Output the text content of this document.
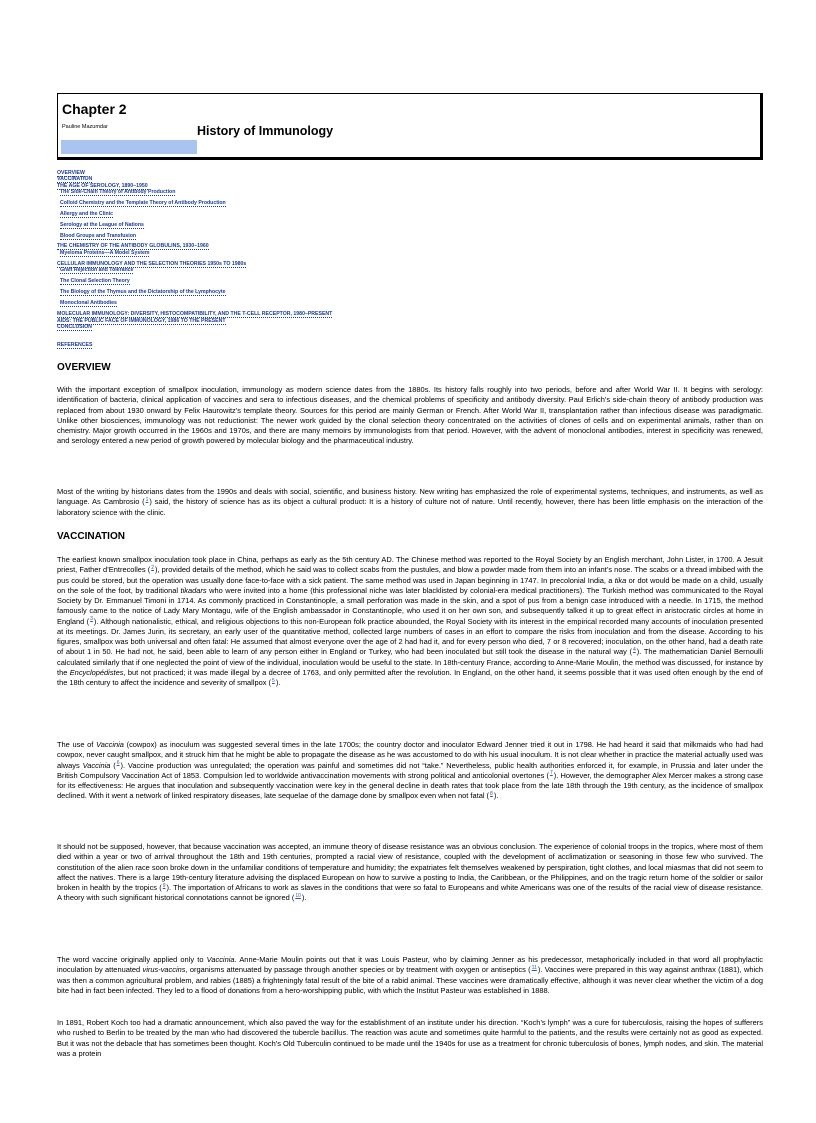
Chapter 2
Pauline Mazumdar	History of Immunology
OVERVIEW
VACCINATION
THE AGE OF SEROLOGY, 1890–1950
The Side-Chain Theory of Antibody Production
Colloid Chemistry and the Template Theory of Antibody Production
Allergy and the Clinic
Serology at the League of Nations
Blood Groups and Transfusion
THE CHEMISTRY OF THE ANTIBODY GLOBULINS, 1930–1960
Myeloma Proteins—A Model System
CELLULAR IMMUNOLOGY AND THE SELECTION THEORIES 1950s TO 1980s
Graft Rejection and Tolerance
The Clonal Selection Theory
The Biology of the Thymus and the Dictatorship of the Lymphocyte
Monoclonal Antibodies
MOLECULAR IMMUNOLOGY: DIVERSITY, HISTOCOMPATIBILITY, AND THE T-CELL RECEPTOR, 1980–PRESENT
AIDS: THE PUBLIC FACE OF IMMUNOLOGY, 1986 TO THE PRESENT
CONCLUSION
REFERENCES
OVERVIEW

With the important exception of smallpox inoculation, immunology as modern science dates from the 1880s. Its history falls roughly into two periods, before and after World War II. It begins with serology: identification of bacteria, clinical application of vaccines and sera to infectious diseases, and the chemical problems of specificity and antibody diversity. Paul Erlich’s side-chain theory of antibody production was replaced from about 1930 onward by Felix Haurowitz’s template theory. Sources for this period are mainly German or French. After World War II, transplantation rather than infectious disease was paradigmatic. Unlike other biosciences, immunology was not reductionist: The newer work guided by the clonal selection theory concentrated on the activities of clones of cells and on experimental animals, rather than on chemistry. Major growth occurred in the 1960s and 1970s, and there are many memoirs by immunologists from that period. However, with the advent of monoclonal antibodies, interest in specificity was renewed, and serology entered a new period of growth powered by molecular biology and the pharmaceutical industry.

Most of the writing by historians dates from the 1990s and deals with social, scientific, and business history. New writing has emphasized the role of experimental systems, techniques, and instruments, as well as language. As Cambrosio ($^1$) said, the history of science has as its object a cultural product: It is a history of culture not of nature. Until recently, however, there has been little emphasis on the interaction of the laboratory science with the clinic.

VACCINATION

The earliest known smallpox inoculation took place in China, perhaps as early as the 5th century AD. The Chinese method was reported to the Royal Society by an English merchant, John Lister, in 1700. A Jesuit priest, Father d’Entrecolles ($^2$), provided details of the method, which he said was to collect scabs from the pustules, and blow a powder made from them into an infant’s nose. The scabs or a thread imbibed with the pus could be stored, but the operation was usually done face-to-face with a sick patient. The same method was used in Japan beginning in 1747. In precolonial India, a tika or dot would be made on a child, usually on the sole of the foot, by traditional tikadars who were invited into a home (this professional niche was later blacklisted by colonial-era medical practitioners). The Turkish method was communicated to the Royal Society by Dr. Emmanuel Timoni in 1714. As commonly practiced in Constantinople, a small perforation was made in the skin, and a spot of pus from a benign case introduced with a needle. In 1715, the method famously came to the notice of Lady Mary Montagu, wife of the English ambassador in Constantinople, who used it on her own son, and subsequently talked it up to great effect in aristocratic circles at home in England ($^3$). Although nationalistic, ethical, and religious objections to this non-European folk practice abounded, the Royal Society with its interest in the empirical recorded many accounts of inoculation presented at its meetings. Dr. James Jurin, its secretary, an early user of the quantitative method, collected large numbers of cases in an effort to compare the risks from inoculation and from the disease. According to his figures, smallpox was both universal and often fatal: He assumed that almost everyone over the age of 2 had had it, and for every person who died, 7 or 8 recovered; inoculation, on the other hand, had a death rate of about 1 in 50. He had not, he said, been able to learn of any person either in England or Turkey, who had been inoculated but still took the disease in the natural way ($^4$). The mathematician Daniel Bernoulli calculated similarly that if one neglected the point of view of the individual, inoculation would be useful to the state. In 18th-century France, according to Anne-Marie Moulin, the method was discussed, for instance by the Encyclopédistes, but not practiced; it was made illegal by a decree of 1763, and only permitted after the revolution. In England, on the other hand, it seems possible that it was used often enough by the end of the 18th century to affect the incidence and severity of smallpox ($^5$).

The use of Vaccinia (cowpox) as inoculum was suggested several times in the late 1700s; the country doctor and inoculator Edward Jenner tried it out in 1798. He had heard it said that milkmaids who had had cowpox, never caught smallpox, and it struck him that he might be able to propagate the disease as he was accustomed to do with his usual inoculum. It is not clear whether in practice the material actually used was always Vaccinia ($^6$). Vaccine production was unregulated; the operation was painful and sometimes did not “take.” Nevertheless, public health authorities enforced it, for example, in Prussia and later under the British Compulsory Vaccination Act of 1853. Compulsion led to worldwide antivaccination movements with strong political and anticolonial overtones ($^7$). However, the demographer Alex Mercer makes a strong case for its effectiveness: He argues that inoculation and subsequently vaccination were key in the general decline in death rates that took place from the late 18th through the 19th century, as the incidence of smallpox declined. With it went a network of linked respiratory diseases, late sequelae of the damage done by smallpox even when not fatal ($^8$).

It should not be supposed, however, that because vaccination was accepted, an immune theory of disease resistance was an obvious conclusion. The experience of colonial troops in the tropics, where most of them died within a year or two of arrival throughout the 18th and 19th centuries, prompted a racial view of resistance, coupled with the development of acclimatization or seasoning in those few who survived. The constitution of the alien race soon broke down in the unfamiliar conditions of temperature and humidity; the expatriates felt themselves weakened by perspiration, tight clothes, and local miasmas that did not seem to affect the natives. There is a large 19th-century literature advising the displaced European on how to survive a posting to India, the Caribbean, or the Philippines, and on the tragic return home of the soldier or sailor broken in health by the tropics ($^9$). The importation of Africans to work as slaves in the conditions that were so fatal to Europeans and white Americans was one of the results of the racial view of disease resistance. A theory with such significant historical connotations cannot be ignored ($^{10}$).

The word vaccine originally applied only to Vaccinia. Anne-Marie Moulin points out that it was Louis Pasteur, who by claiming Jenner as his predecessor, metaphorically included in that word all prophylactic inoculation by attenuated virus-vaccins, organisms attenuated by passage through another species or by treatment with oxygen or antiseptics ($^{11}$). Vaccines were prepared in this way against anthrax (1881), which was then a common agricultural problem, and rabies (1885) a frighteningly fatal result of the bite of a rabid animal. These vaccines were dramatically effective, although it was never clear whether the victim of a dog bite had in fact been infected. They led to a flood of donations from a hero-worshipping public, with which the Institut Pasteur was established in 1888.

In 1891, Robert Koch too had a dramatic announcement, which also paved the way for the establishment of an institute under his direction. “Koch’s lymph” was a cure for tuberculosis, raising the hopes of sufferers who rushed to Berlin to be treated by the man who had discovered the tubercle bacillus. The reaction was acute and sometimes quite harmful to the patients, and the results were certainly not as good as expected. But it was not the debacle that has sometimes been thought. Koch’s Old Tuberculin continued to be made until the 1940s for use as a treatment for chronic tuberculosis of bones, lymph nodes, and skin. The material was a protein
